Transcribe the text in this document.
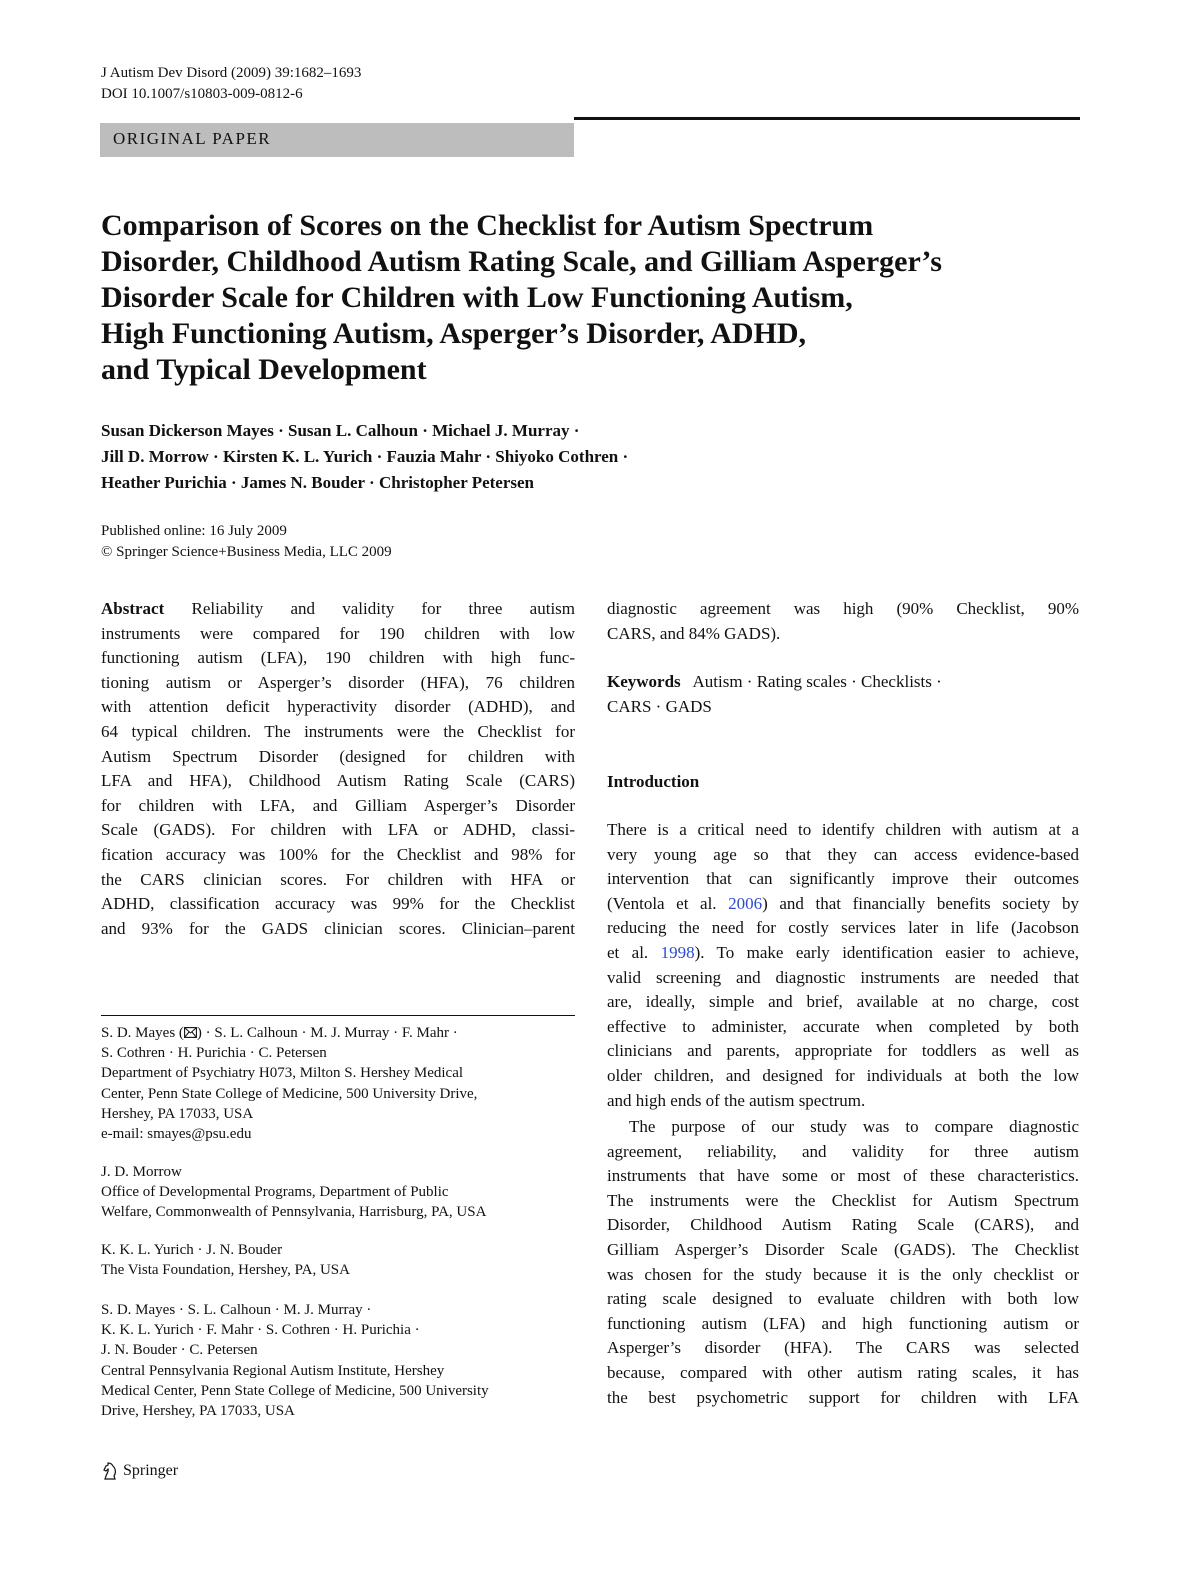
J Autism Dev Disord (2009) 39:1682–1693
DOI 10.1007/s10803-009-0812-6
ORIGINAL PAPER
Comparison of Scores on the Checklist for Autism Spectrum
Disorder, Childhood Autism Rating Scale, and Gilliam Asperger’s
Disorder Scale for Children with Low Functioning Autism,
High Functioning Autism, Asperger’s Disorder, ADHD,
and Typical Development
Susan Dickerson Mayes · Susan L. Calhoun · Michael J. Murray ·
Jill D. Morrow · Kirsten K. L. Yurich · Fauzia Mahr · Shiyoko Cothren ·
Heather Purichia · James N. Bouder · Christopher Petersen
Published online: 16 July 2009
© Springer Science+Business Media, LLC 2009
Abstract Reliability and validity for three autism
instruments were compared for 190 children with low
functioning autism (LFA), 190 children with high func-
tioning autism or Asperger’s disorder (HFA), 76 children
with attention deficit hyperactivity disorder (ADHD), and
64 typical children. The instruments were the Checklist for
Autism Spectrum Disorder (designed for children with
LFA and HFA), Childhood Autism Rating Scale (CARS)
for children with LFA, and Gilliam Asperger’s Disorder
Scale (GADS). For children with LFA or ADHD, classi-
fication accuracy was 100% for the Checklist and 98% for
the CARS clinician scores. For children with HFA or
ADHD, classification accuracy was 99% for the Checklist
and 93% for the GADS clinician scores. Clinician–parent
diagnostic agreement was high (90% Checklist, 90%
CARS, and 84% GADS).
Keywords Autism · Rating scales · Checklists ·
CARS · GADS
Introduction
There is a critical need to identify children with autism at a
very young age so that they can access evidence-based
intervention that can significantly improve their outcomes
(Ventola et al. 2006) and that financially benefits society by
reducing the need for costly services later in life (Jacobson
et al. 1998). To make early identification easier to achieve,
valid screening and diagnostic instruments are needed that
are, ideally, simple and brief, available at no charge, cost
effective to administer, accurate when completed by both
clinicians and parents, appropriate for toddlers as well as
older children, and designed for individuals at both the low
and high ends of the autism spectrum.
The purpose of our study was to compare diagnostic
agreement, reliability, and validity for three autism
instruments that have some or most of these characteristics.
The instruments were the Checklist for Autism Spectrum
Disorder, Childhood Autism Rating Scale (CARS), and
Gilliam Asperger’s Disorder Scale (GADS). The Checklist
was chosen for the study because it is the only checklist or
rating scale designed to evaluate children with both low
functioning autism (LFA) and high functioning autism or
Asperger’s disorder (HFA). The CARS was selected
because, compared with other autism rating scales, it has
the best psychometric support for children with LFA
S. D. Mayes ( ) · S. L. Calhoun · M. J. Murray · F. Mahr ·
S. Cothren · H. Purichia · C. Petersen
Department of Psychiatry H073, Milton S. Hershey Medical
Center, Penn State College of Medicine, 500 University Drive,
Hershey, PA 17033, USA
e-mail: smayes@psu.edu
J. D. Morrow
Office of Developmental Programs, Department of Public
Welfare, Commonwealth of Pennsylvania, Harrisburg, PA, USA
K. K. L. Yurich · J. N. Bouder
The Vista Foundation, Hershey, PA, USA
S. D. Mayes · S. L. Calhoun · M. J. Murray ·
K. K. L. Yurich · F. Mahr · S. Cothren · H. Purichia ·
J. N. Bouder · C. Petersen
Central Pennsylvania Regional Autism Institute, Hershey
Medical Center, Penn State College of Medicine, 500 University
Drive, Hershey, PA 17033, USA
Springer
